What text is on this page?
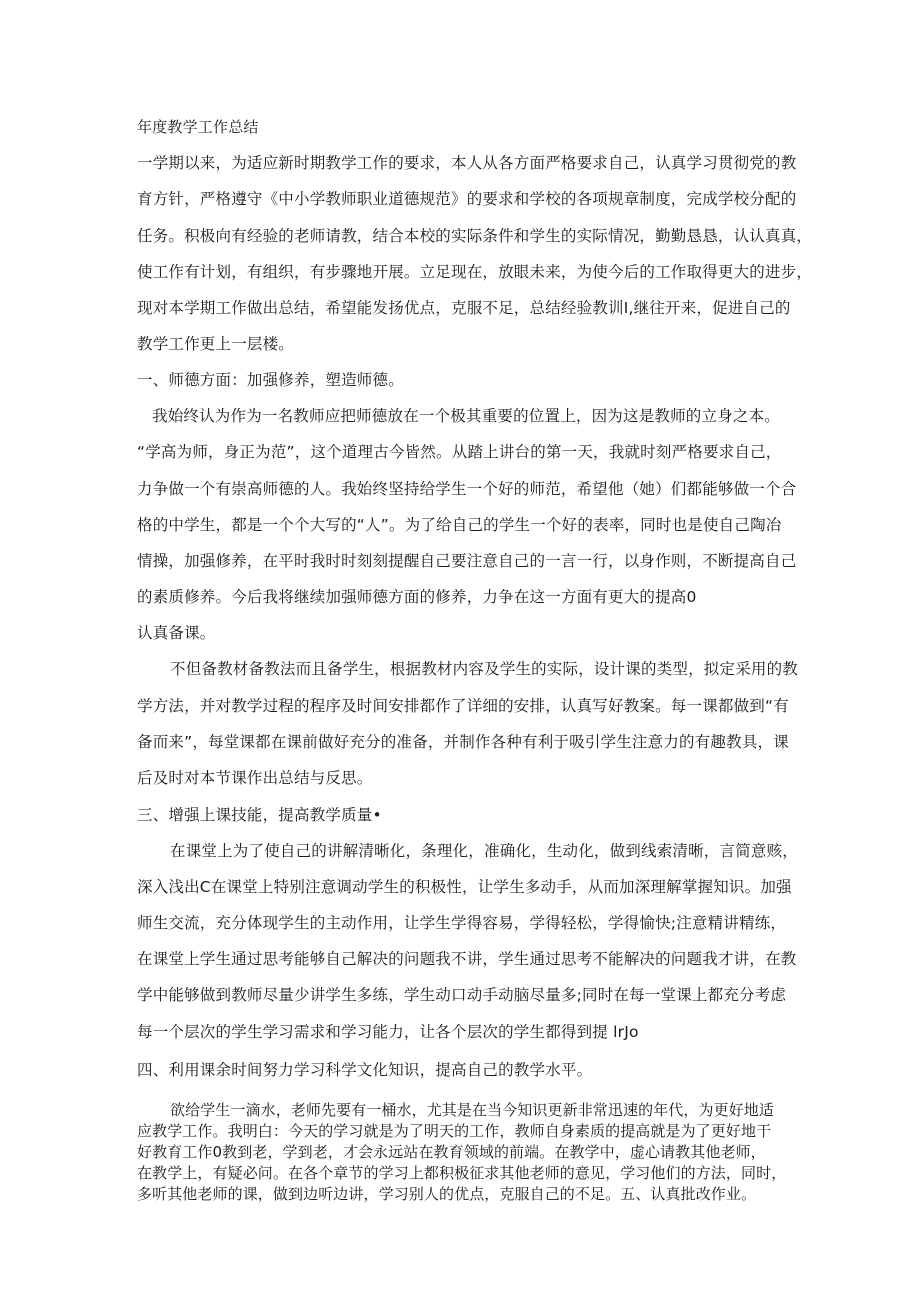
年度教学工作总结
一学期以来，为适应新时期教学工作的要求，本人从各方面严格要求自己，认真学习贯彻党的教
育方针，严格遵守《中小学教师职业道德规范》的要求和学校的各项规章制度，完成学校分配的
任务。积极向有经验的老师请教，结合本校的实际条件和学生的实际情况，勤勤恳恳，认认真真，
使工作有计划，有组织，有步骤地开展。立足现在，放眼未来，为使今后的工作取得更大的进步，
现对本学期工作做出总结，希望能发扬优点，克服不足，总结经验教训I,继往开来，促进自己的
教学工作更上一层楼。
一、师德方面：加强修养，塑造师德。
我始终认为作为一名教师应把师德放在一个极其重要的位置上，因为这是教师的立身之本。
“学高为师，身正为范”，这个道理古今皆然。从踏上讲台的第一天，我就时刻严格要求自己，
力争做一个有崇高师德的人。我始终坚持给学生一个好的师范，希望他（她）们都能够做一个合
格的中学生，都是一个个大写的“人”。为了给自己的学生一个好的表率，同时也是使自己陶冶
情操，加强修养，在平时我时时刻刻提醒自己要注意自己的一言一行，以身作则，不断提高自己
的素质修养。今后我将继续加强师德方面的修养，力争在这一方面有更大的提高0
认真备课。
不但备教材备教法而且备学生，根据教材内容及学生的实际，设计课的类型，拟定采用的教
学方法，并对教学过程的程序及时间安排都作了详细的安排，认真写好教案。每一课都做到“有
备而来”，每堂课都在课前做好充分的准备，并制作各种有利于吸引学生注意力的有趣教具，课
后及时对本节课作出总结与反思。
三、增强上课技能，提高教学质量•
在课堂上为了使自己的讲解清晰化，条理化，准确化，生动化，做到线索清晰，言简意赅，
深入浅出C在课堂上特别注意调动学生的积极性，让学生多动手，从而加深理解掌握知识。加强
师生交流，充分体现学生的主动作用，让学生学得容易，学得轻松，学得愉快;注意精讲精练，
在课堂上学生通过思考能够自己解决的问题我不讲，学生通过思考不能解决的问题我才讲，在教
学中能够做到教师尽量少讲学生多练，学生动口动手动脑尽量多;同时在每一堂课上都充分考虑
每一个层次的学生学习需求和学习能力，让各个层次的学生都得到提 lrJo
四、利用课余时间努力学习科学文化知识，提高自己的教学水平。
欲给学生一滴水，老师先要有一桶水，尤其是在当今知识更新非常迅速的年代，为更好地适
应教学工作。我明白：今天的学习就是为了明天的工作，教师自身素质的提高就是为了更好地干
好教育工作0教到老，学到老，才会永远站在教育领域的前端。在教学中，虚心请教其他老师，
在教学上，有疑必问。在各个章节的学习上都积极征求其他老师的意见，学习他们的方法，同时，
多听其他老师的课，做到边听边讲，学习别人的优点，克服自己的不足。五、认真批改作业。
